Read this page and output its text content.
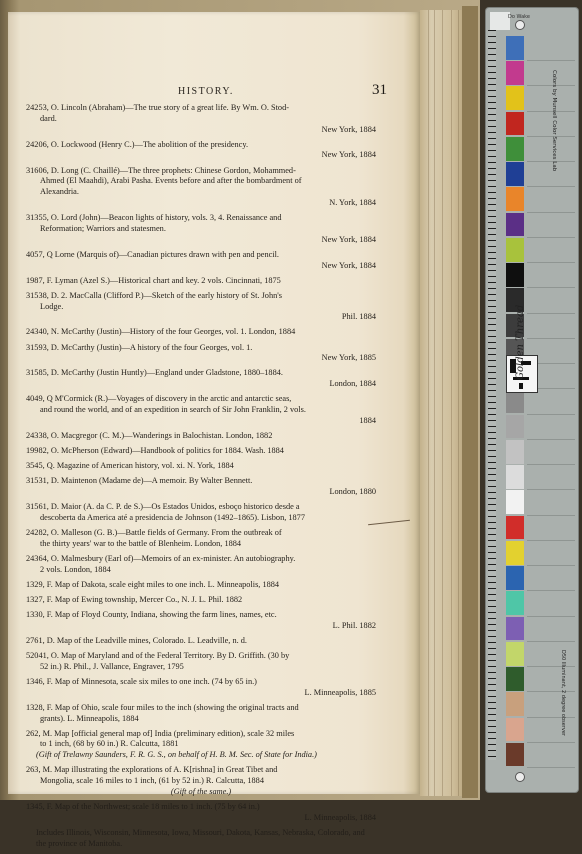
HISTORY.	31
24253, O. Lincoln (Abraham)—The true story of a great life. By Wm. O. Stod-
dard.
New York, 1884
24206, O. Lockwood (Henry C.)—The abolition of the presidency.
New York, 1884
31606, D. Long (C. Chaillé)—The three prophets: Chinese Gordon, Mohammed-
Ahmed (El Maahdi), Arabi Pasha. Events before and after the bombardment of
Alexandria.
N. York, 1884
31355, O. Lord (John)—Beacon lights of history, vols. 3, 4. Renaissance and
Reformation; Warriors and statesmen.
New York, 1884
4057, Q Lorne (Marquis of)—Canadian pictures drawn with pen and pencil.
New York, 1884
1987, F. Lyman (Azel S.)—Historical chart and key. 2 vols. Cincinnati, 1875
31538, D. 2. MacCalla (Clifford P.)—Sketch of the early history of St. John's
Lodge.
Phil. 1884
24340, N. McCarthy (Justin)—History of the four Georges, vol. 1. London, 1884
31593, D. McCarthy (Justin)—A history of the four Georges, vol. 1.
New York, 1885
31585, D. McCarthy (Justin Huntly)—England under Gladstone, 1880–1884.
London, 1884
4049, Q M'Cormick (R.)—Voyages of discovery in the arctic and antarctic seas,
and round the world, and of an expedition in search of Sir John Franklin, 2 vols.
1884
24338, O. Macgregor (C. M.)—Wanderings in Balochistan. London, 1882
19982, O. McPherson (Edward)—Handbook of politics for 1884. Wash. 1884
3545, Q. Magazine of American history, vol. xi. N. York, 1884
31531, D. Maintenon (Madame de)—A memoir. By Walter Bennett.
London, 1880
31561, D. Maior (A. da C. P. de S.)—Os Estados Unidos, esboço historico desde a
descoberta da America até a presidencia de Johnson (1492–1865). Lisbon, 1877
24282, O. Malleson (G. B.)—Battle fields of Germany. From the outbreak of
the thirty years' war to the battle of Blenheim. London, 1884
24364, O. Malmesbury (Earl of)—Memoirs of an ex-minister. An autobiography.
2 vols. London, 1884
1329, F. Map of Dakota, scale eight miles to one inch. L. Minneapolis, 1884
1327, F. Map of Ewing township, Mercer Co., N. J. L. Phil. 1882
1330, F. Map of Floyd County, Indiana, showing the farm lines, names, etc.
L. Phil. 1882
2761, D. Map of the Leadville mines, Colorado. L. Leadville, n. d.
52041, O. Map of Maryland and of the Federal Territory. By D. Griffith. (30 by
52 in.) R. Phil., J. Vallance, Engraver, 1795
1346, F. Map of Minnesota, scale six miles to one inch. (74 by 65 in.)
L. Minneapolis, 1885
1328, F. Map of Ohio, scale four miles to the inch (showing the original tracts and
grants). L. Minneapolis, 1884
262, M. Map [official general map of] India (preliminary edition), scale 32 miles
to 1 inch, (68 by 60 in.) R. Calcutta, 1881
(Gift of Trelawny Saunders, F. R. G. S., on behalf of H. B. M. Sec. of State for India.)
263, M. Map illustrating the explorations of A. K[rishna] in Great Tibet and
Mongolia, scale 16 miles to 1 inch, (61 by 52 in.) R. Calcutta, 1884
(Gift of the same.)
1345, F. Map of the Northwest; scale 18 miles to 1 inch. (75 by 64 in.)
L. Minneapolis, 1884
Includes Illinois, Wisconsin, Minnesota, Iowa, Missouri, Dakota, Kansas, Nebraska, Colorado, and the province of Manitoba.
Do Wake
Colors by Munsell Color Services Lab
Golden Thread
D50 Illuminant, 2 degree observer
